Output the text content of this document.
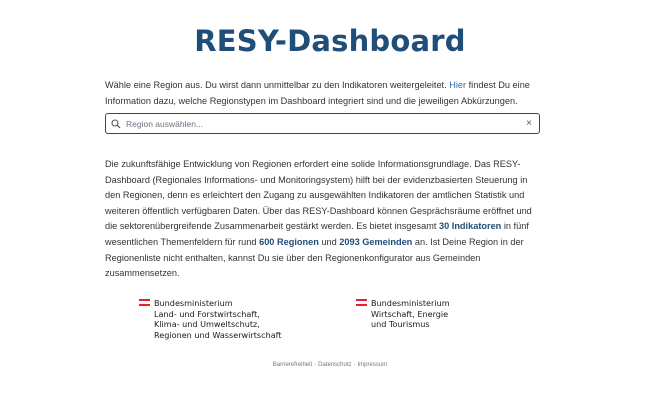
RESY-Dashboard

Wähle eine Region aus. Du wirst dann unmittelbar zu den Indikatoren weitergeleitet. Hier findest Du eine Information dazu, welche Regionstypen im Dashboard integriert sind und die jeweiligen Abkürzungen.

Region auswählen...
×

Die zukunftsfähige Entwicklung von Regionen erfordert eine solide Informationsgrundlage. Das RESY-Dashboard (Regionales Informations- und Monitoringsystem) hilft bei der evidenzbasierten Steuerung in den Regionen, denn es erleichtert den Zugang zu ausgewählten Indikatoren der amtlichen Statistik und weiteren öffentlich verfügbaren Daten. Über das RESY-Dashboard können Gesprächsräume eröffnet und die sektorenübergreifende Zusammenarbeit gestärkt werden. Es bietet insgesamt 30 Indikatoren in fünf wesentlichen Themenfeldern für rund 600 Regionen und 2093 Gemeinden an. Ist Deine Region in der Regionenliste nicht enthalten, kannst Du sie über den Regionenkonfigurator aus Gemeinden zusammensetzen.

Bundesministerium
Land- und Forstwirtschaft,
Klima- und Umweltschutz,
Regionen und Wasserwirtschaft
Bundesministerium
Wirtschaft, Energie
und Tourismus
Barrierefreiheit · Datenschutz · Impressum
